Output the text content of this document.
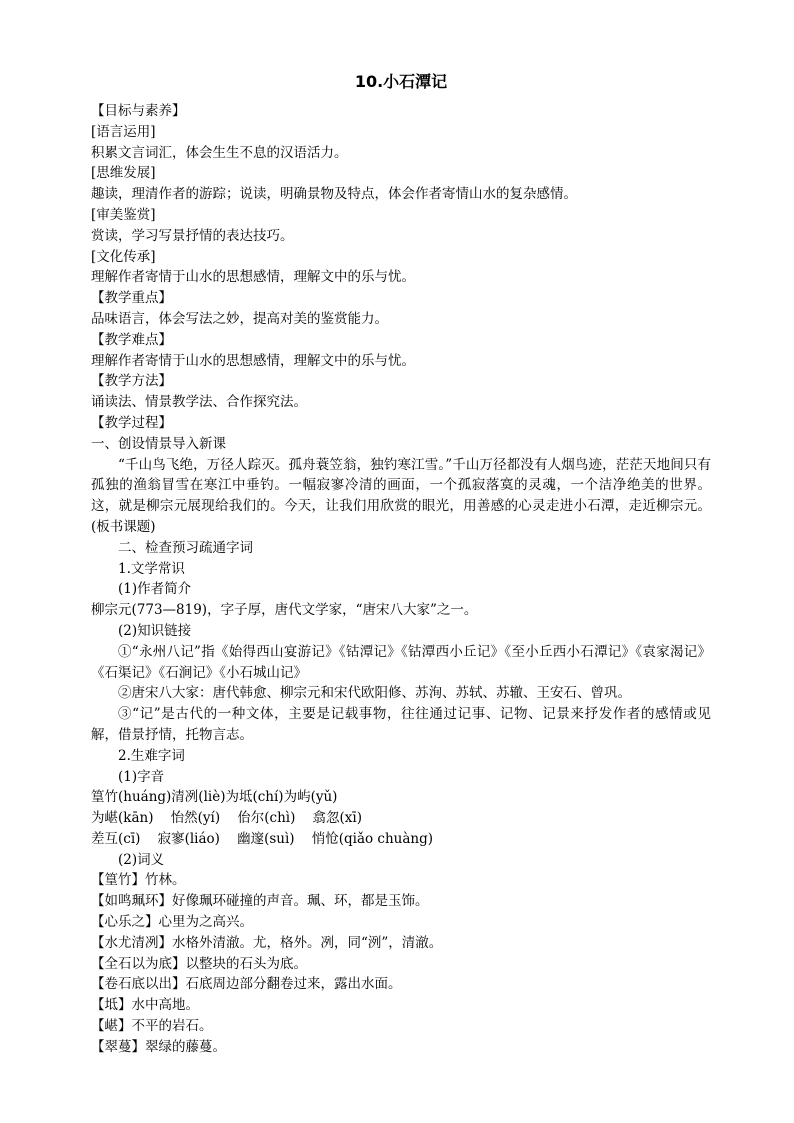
10.小石潭记
【目标与素养】
[语言运用]
积累文言词汇，体会生生不息的汉语活力。
[思维发展]
趣读，理清作者的游踪；说读，明确景物及特点，体会作者寄情山水的复杂感情。
[审美鉴赏]
赏读，学习写景抒情的表达技巧。
[文化传承]
理解作者寄情于山水的思想感情，理解文中的乐与忧。
【教学重点】
品味语言，体会写法之妙，提高对美的鉴赏能力。
【教学难点】
理解作者寄情于山水的思想感情，理解文中的乐与忧。
【教学方法】
诵读法、情景教学法、合作探究法。
【教学过程】
一、创设情景导入新课
“千山鸟飞绝，万径人踪灭。孤舟蓑笠翁，独钓寒江雪。”千山万径都没有人烟鸟迹，茫茫天地间只有孤独的渔翁冒雪在寒江中垂钓。一幅寂寥冷清的画面，一个孤寂落寞的灵魂，一个洁净绝美的世界。这，就是柳宗元展现给我们的。今天，让我们用欣赏的眼光，用善感的心灵走进小石潭，走近柳宗元。(板书课题)
二、检查预习疏通字词
1.文学常识
(1)作者简介
柳宗元(773—819)，字子厚，唐代文学家，“唐宋八大家”之一。
(2)知识链接
①“永州八记”指《始得西山宴游记》《钴潭记》《钴潭西小丘记》《至小丘西小石潭记》《袁家渴记》《石渠记》《石涧记》《小石城山记》
②唐宋八大家：唐代韩愈、柳宗元和宋代欧阳修、苏洵、苏轼、苏辙、王安石、曾巩。
③“记”是古代的一种文体，主要是记载事物，往往通过记事、记物、记景来抒发作者的感情或见解，借景抒情，托物言志。
2.生难字词
(1)字音
篁竹(huáng)清冽(liè)为坻(chí)为屿(yǔ)
为嵁(kān)    怡然(yí)    佁尔(chì)    翕忽(xī)
差互(cī)    寂寥(liáo)    幽邃(suì)    悄怆(qiǎo chuàng)
(2)词义
【篁竹】竹林。
【如鸣珮环】好像珮环碰撞的声音。珮、环，都是玉饰。
【心乐之】心里为之高兴。
【水尤清冽】水格外清澈。尤，格外。冽，同“洌”，清澈。
【全石以为底】以整块的石头为底。
【卷石底以出】石底周边部分翻卷过来，露出水面。
【坻】水中高地。
【嵁】不平的岩石。
【翠蔓】翠绿的藤蔓。
